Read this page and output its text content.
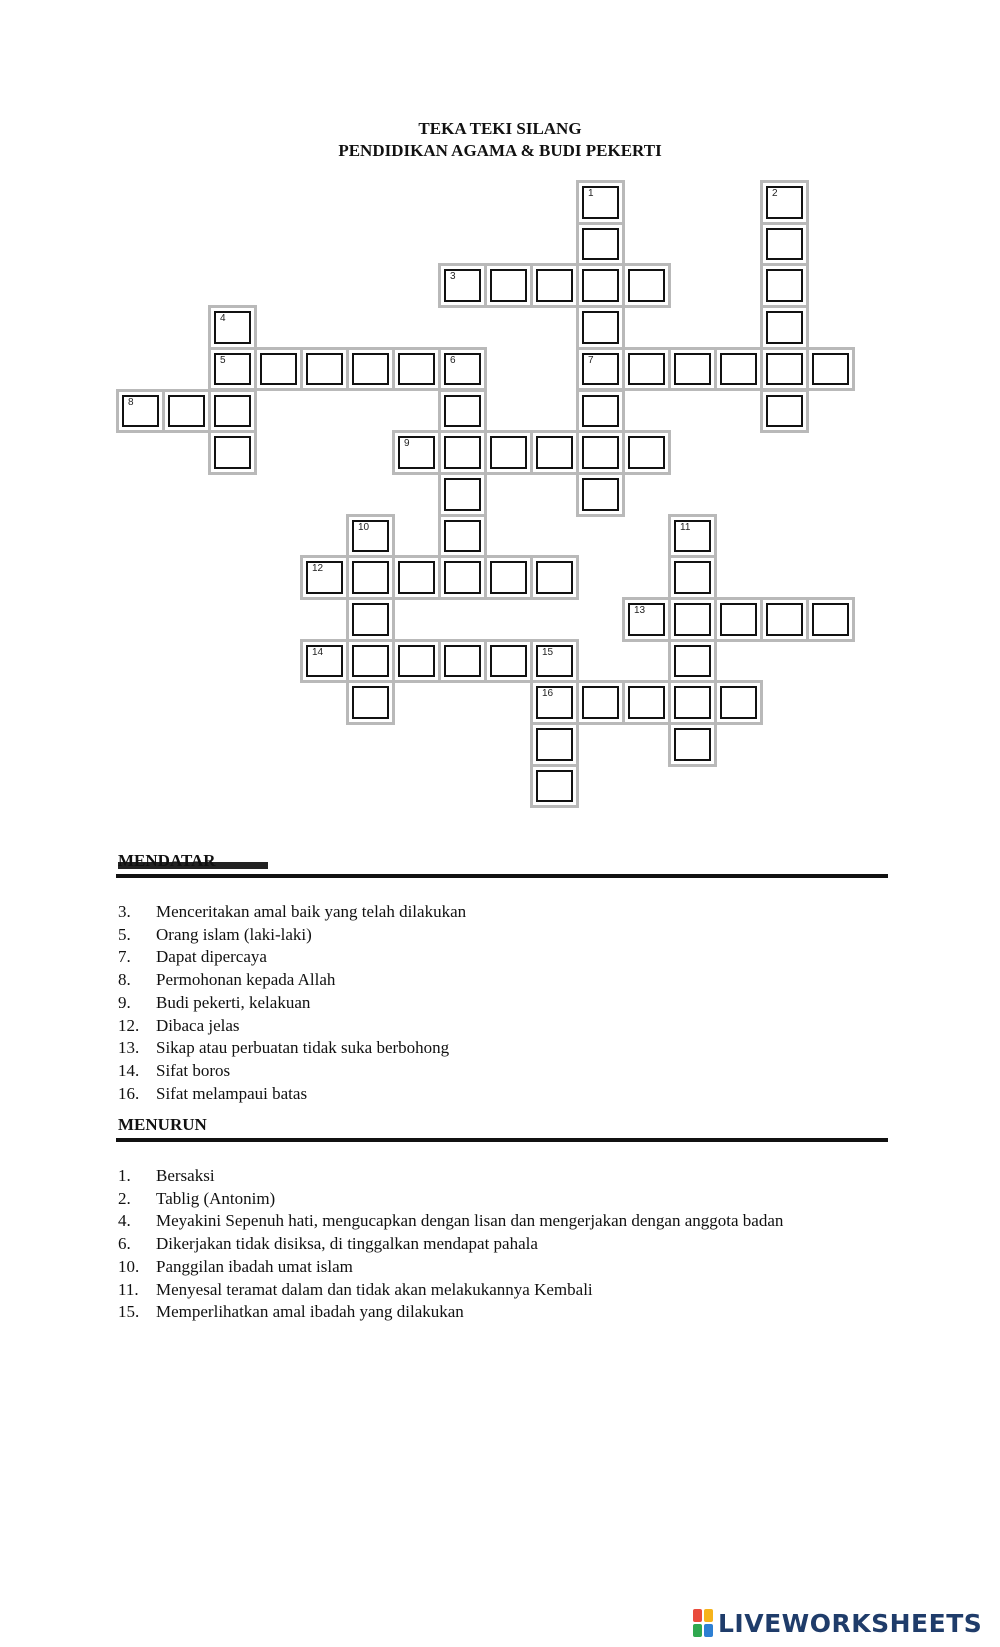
TEKA TEKI SILANG
PENDIDIKAN AGAMA & BUDI PEKERTI
1	2
3
4
5	6	7
8
9
10	11
12
13
14	15
16
MENDATAR
3. Menceritakan amal baik yang telah dilakukan
5. Orang islam (laki-laki)
7. Dapat dipercaya
8. Permohonan kepada Allah
9. Budi pekerti, kelakuan
12. Dibaca jelas
13. Sikap atau perbuatan tidak suka berbohong
14. Sifat boros
16. Sifat melampaui batas
MENURUN
1. Bersaksi
2. Tablig (Antonim)
4. Meyakini Sepenuh hati, mengucapkan dengan lisan dan mengerjakan dengan anggota badan
6. Dikerjakan tidak disiksa, di tinggalkan mendapat pahala
10. Panggilan ibadah umat islam
11. Menyesal teramat dalam dan tidak akan melakukannya Kembali
15. Memperlihatkan amal ibadah yang dilakukan
LIVEWORKSHEETS
